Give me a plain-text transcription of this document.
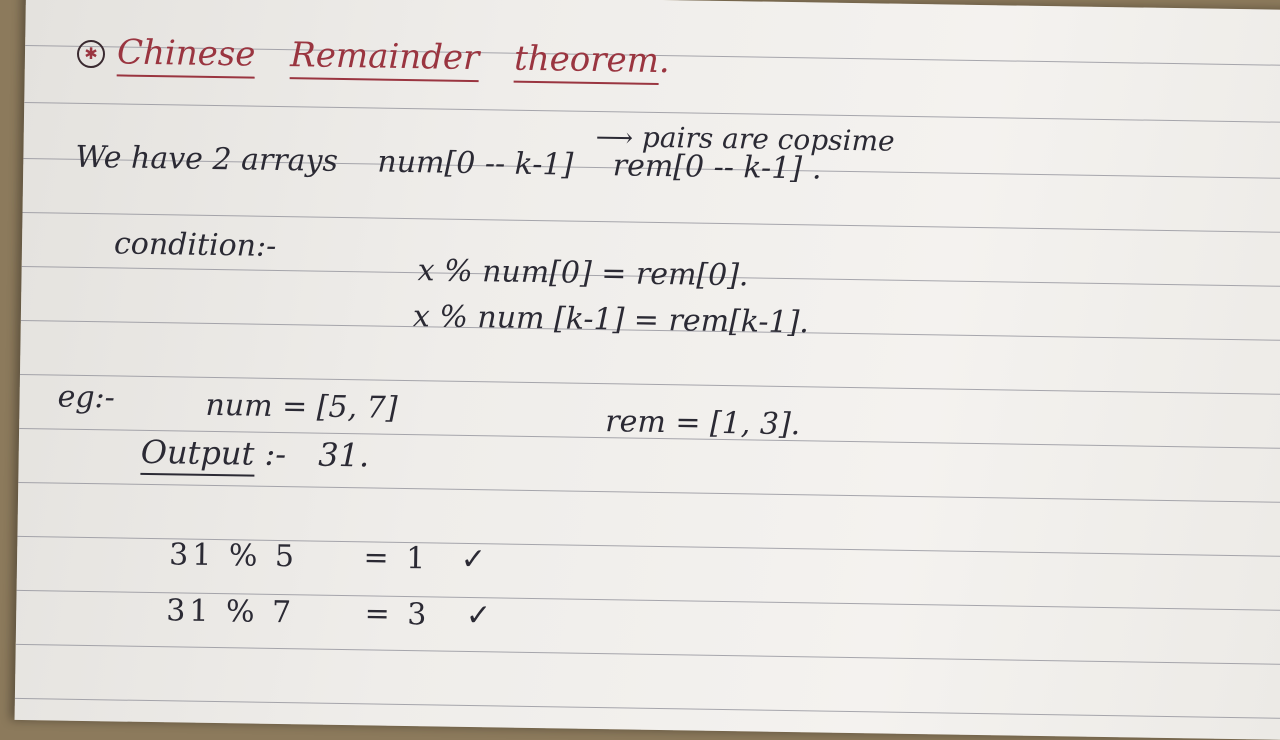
✱ Chinese Remainder theorem.
⟶ pairs are copsime
We have 2 arrays num[0 -- k-1] rem[0 -- k-1] .
condition:-
x % num[0] = rem[0].
x % num [k-1] = rem[k-1].
eg:-	num = [5, 7]	rem = [1, 3].
Output :- 31.
31 % 5 = 1 ✓
31 % 7 = 3 ✓
